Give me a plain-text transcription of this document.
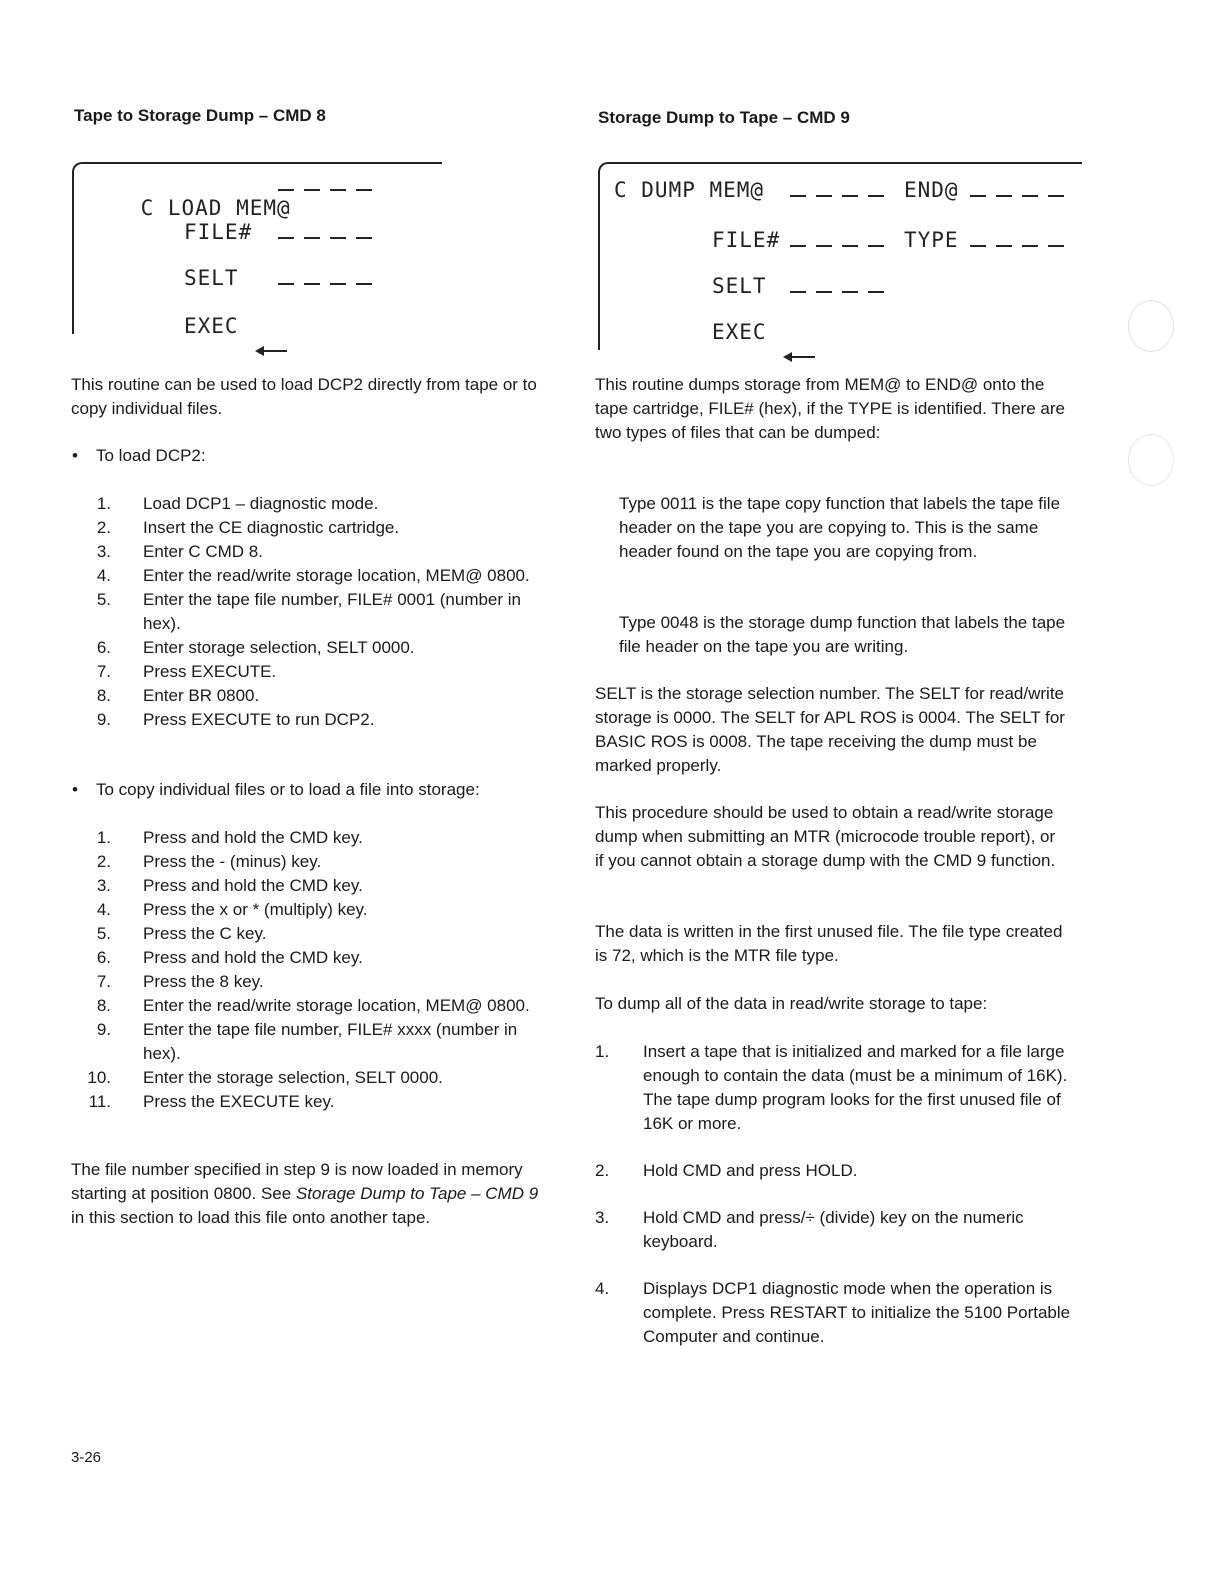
Tape to Storage Dump – CMD 8

C LOAD MEM@

FILE#
SELT
EXEC

This routine can be used to load DCP2 directly from tape or to copy individual files.
• To load DCP2:
1. Load DCP1 – diagnostic mode.
2. Insert the CE diagnostic cartridge.
3. Enter C CMD 8.
4. Enter the read/write storage location, MEM@ 0800.
5. Enter the tape file number, FILE# 0001 (number in hex).
6. Enter storage selection, SELT 0000.
7. Press EXECUTE.
8. Enter BR 0800.
9. Press EXECUTE to run DCP2.
• To copy individual files or to load a file into storage:
1. Press and hold the CMD key.
2. Press the - (minus) key.
3. Press and hold the CMD key.
4. Press the x or * (multiply) key.
5. Press the C key.
6. Press and hold the CMD key.
7. Press the 8 key.
8. Enter the read/write storage location, MEM@ 0800.
9. Enter the tape file number, FILE# xxxx (number in hex).
10. Enter the storage selection, SELT 0000.
11. Press the EXECUTE key.
The file number specified in step 9 is now loaded in memory starting at position 0800. See Storage Dump to Tape – CMD 9 in this section to load this file onto another tape.
Storage Dump to Tape – CMD 9
C DUMP MEM@	END@
FILE#	TYPE
SELT
EXEC

This routine dumps storage from MEM@ to END@ onto the tape cartridge, FILE# (hex), if the TYPE is identified. There are two types of files that can be dumped:
Type 0011 is the tape copy function that labels the tape file header on the tape you are copying to. This is the same header found on the tape you are copying from.
Type 0048 is the storage dump function that labels the tape file header on the tape you are writing.
SELT is the storage selection number. The SELT for read/write storage is 0000. The SELT for APL ROS is 0004. The SELT for BASIC ROS is 0008. The tape receiving the dump must be marked properly.
This procedure should be used to obtain a read/write storage dump when submitting an MTR (microcode trouble report), or if you cannot obtain a storage dump with the CMD 9 function.
The data is written in the first unused file. The file type created is 72, which is the MTR file type.
To dump all of the data in read/write storage to tape:
1.	Insert a tape that is initialized and marked for a file large enough to contain the data (must be a minimum of 16K). The tape dump program looks for the first unused file of 16K or more.
2.	Hold CMD and press HOLD.
3.	Hold CMD and press/÷ (divide) key on the numeric keyboard.
4.	Displays DCP1 diagnostic mode when the operation is complete. Press RESTART to initialize the 5100 Portable Computer and continue.
3-26
